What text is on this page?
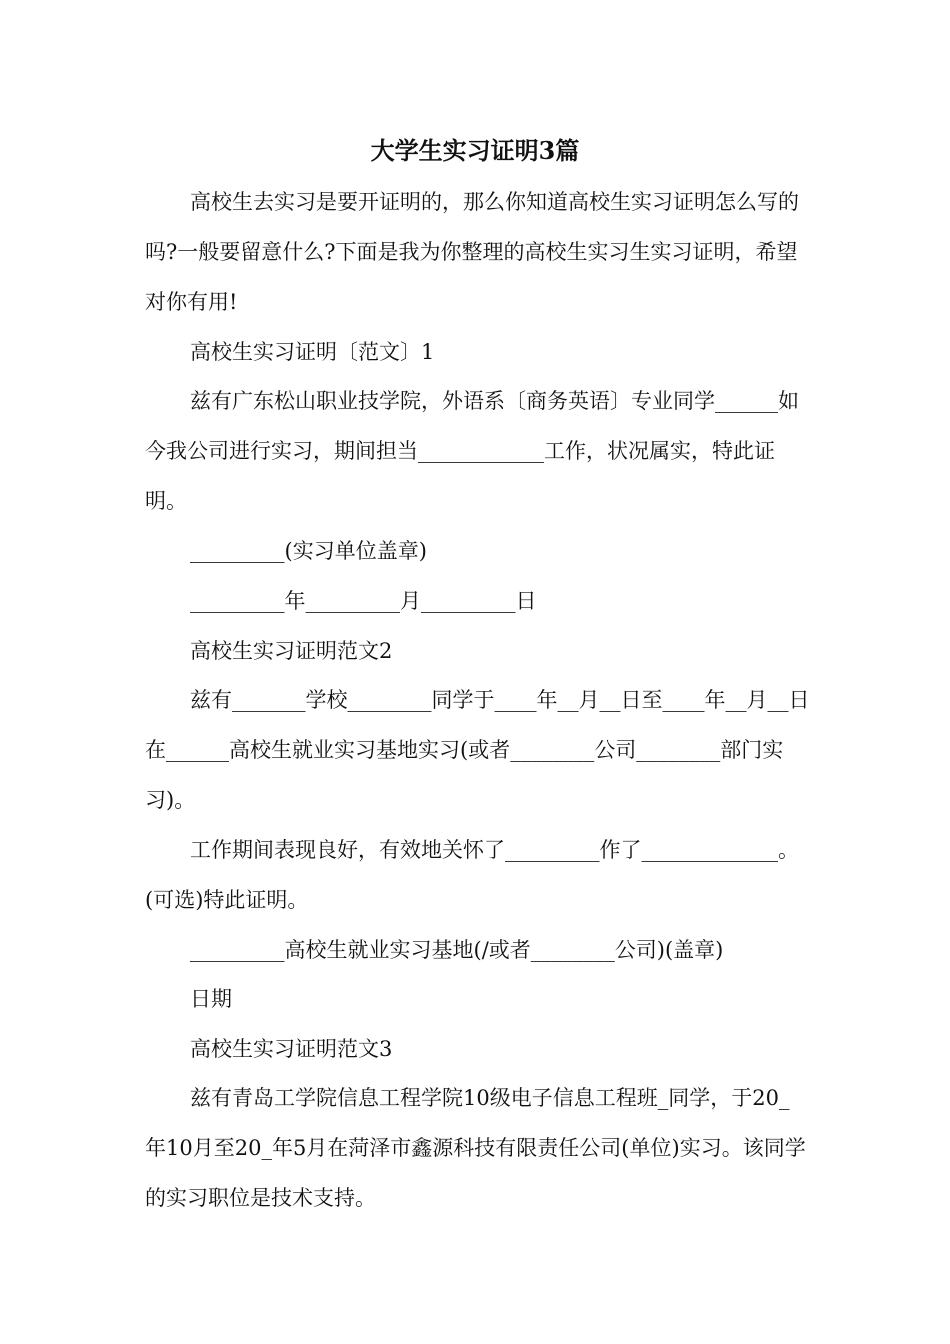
大学生实习证明3篇

高校生去实习是要开证明的，那么你知道高校生实习证明怎么写的吗?一般要留意什么?下面是我为你整理的高校生实习生实习证明，希望对你有用!

高校生实习证明〔范文〕1

兹有广东松山职业技学院，外语系〔商务英语〕专业同学______如今我公司进行实习，期间担当____________工作，状况属实，特此证明。

_________(实习单位盖章)

_________年_________月_________日

高校生实习证明范文2

兹有_______学校________同学于____年__月__日至____年__月__日在______高校生就业实习基地实习(或者________公司________部门实习)。

工作期间表现良好，有效地关怀了_________作了_____________。(可选)特此证明。

_________高校生就业实习基地(/或者________公司)(盖章)

日期

高校生实习证明范文3

兹有青岛工学院信息工程学院10级电子信息工程班_同学，于20_年10月至20_年5月在菏泽市鑫源科技有限责任公司(单位)实习。该同学的实习职位是技术支持。
